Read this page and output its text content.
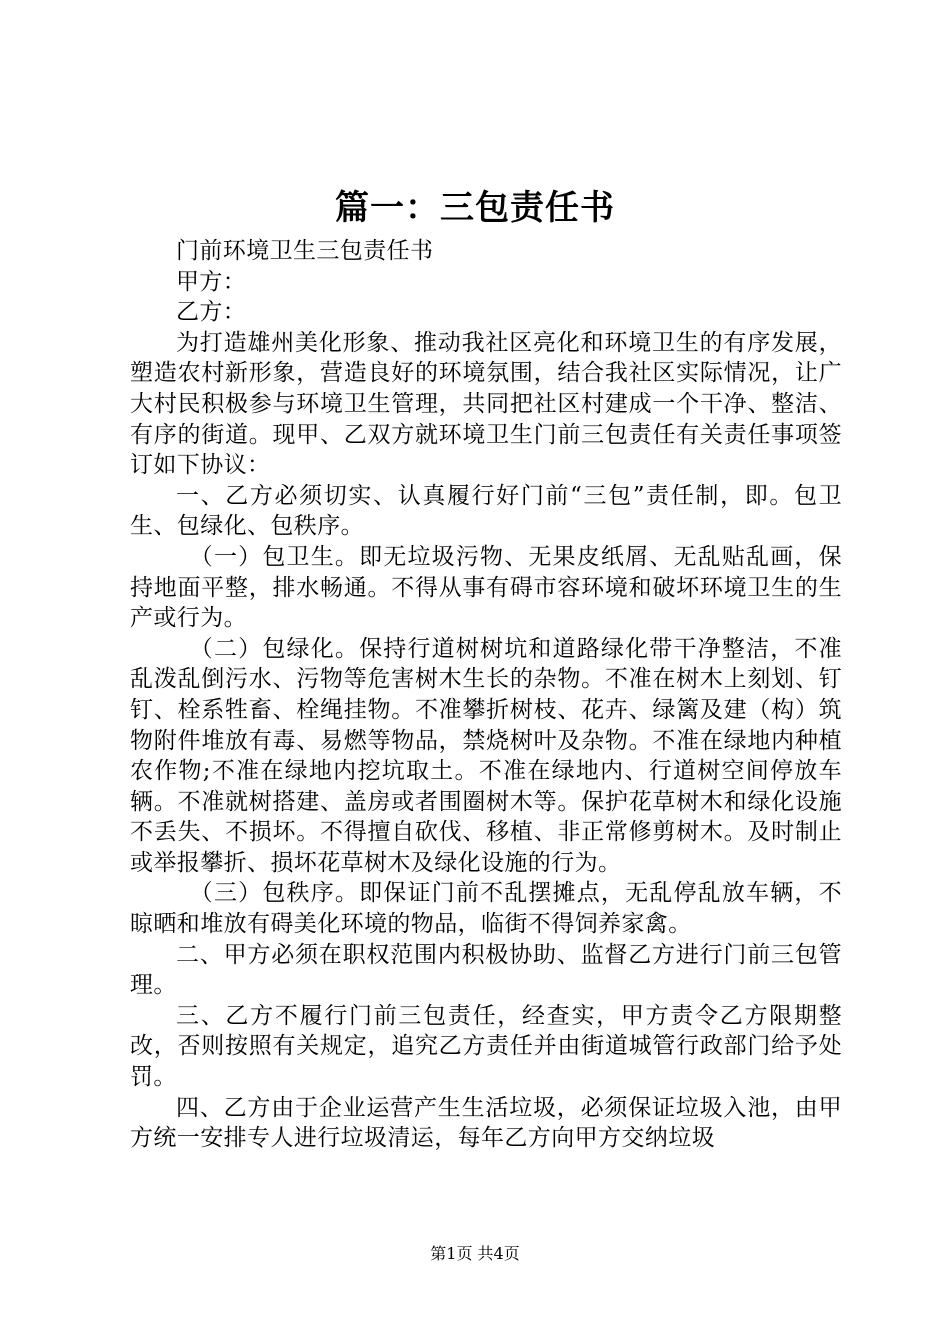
篇一：三包责任书

门前环境卫生三包责任书

甲方：

乙方：

为打造雄州美化形象、推动我社区亮化和环境卫生的有序发展，塑造农村新形象，营造良好的环境氛围，结合我社区实际情况，让广大村民积极参与环境卫生管理，共同把社区村建成一个干净、整洁、有序的街道。现甲、乙双方就环境卫生门前三包责任有关责任事项签订如下协议：

一、乙方必须切实、认真履行好门前“三包”责任制，即。包卫生、包绿化、包秩序。

（一）包卫生。即无垃圾污物、无果皮纸屑、无乱贴乱画，保持地面平整，排水畅通。不得从事有碍市容环境和破坏环境卫生的生产或行为。

（二）包绿化。保持行道树树坑和道路绿化带干净整洁，不准乱泼乱倒污水、污物等危害树木生长的杂物。不准在树木上刻划、钉钉、栓系牲畜、栓绳挂物。不准攀折树枝、花卉、绿篱及建（构）筑物附件堆放有毒、易燃等物品，禁烧树叶及杂物。不准在绿地内种植农作物;不准在绿地内挖坑取土。不准在绿地内、行道树空间停放车辆。不准就树搭建、盖房或者围圈树木等。保护花草树木和绿化设施不丢失、不损坏。不得擅自砍伐、移植、非正常修剪树木。及时制止或举报攀折、损坏花草树木及绿化设施的行为。

（三）包秩序。即保证门前不乱摆摊点，无乱停乱放车辆，不晾晒和堆放有碍美化环境的物品，临街不得饲养家禽。

二、甲方必须在职权范围内积极协助、监督乙方进行门前三包管理。

三、乙方不履行门前三包责任，经查实，甲方责令乙方限期整改，否则按照有关规定，追究乙方责任并由街道城管行政部门给予处罚。

四、乙方由于企业运营产生生活垃圾，必须保证垃圾入池，由甲方统一安排专人进行垃圾清运，每年乙方向甲方交纳垃圾

第1页 共4页
